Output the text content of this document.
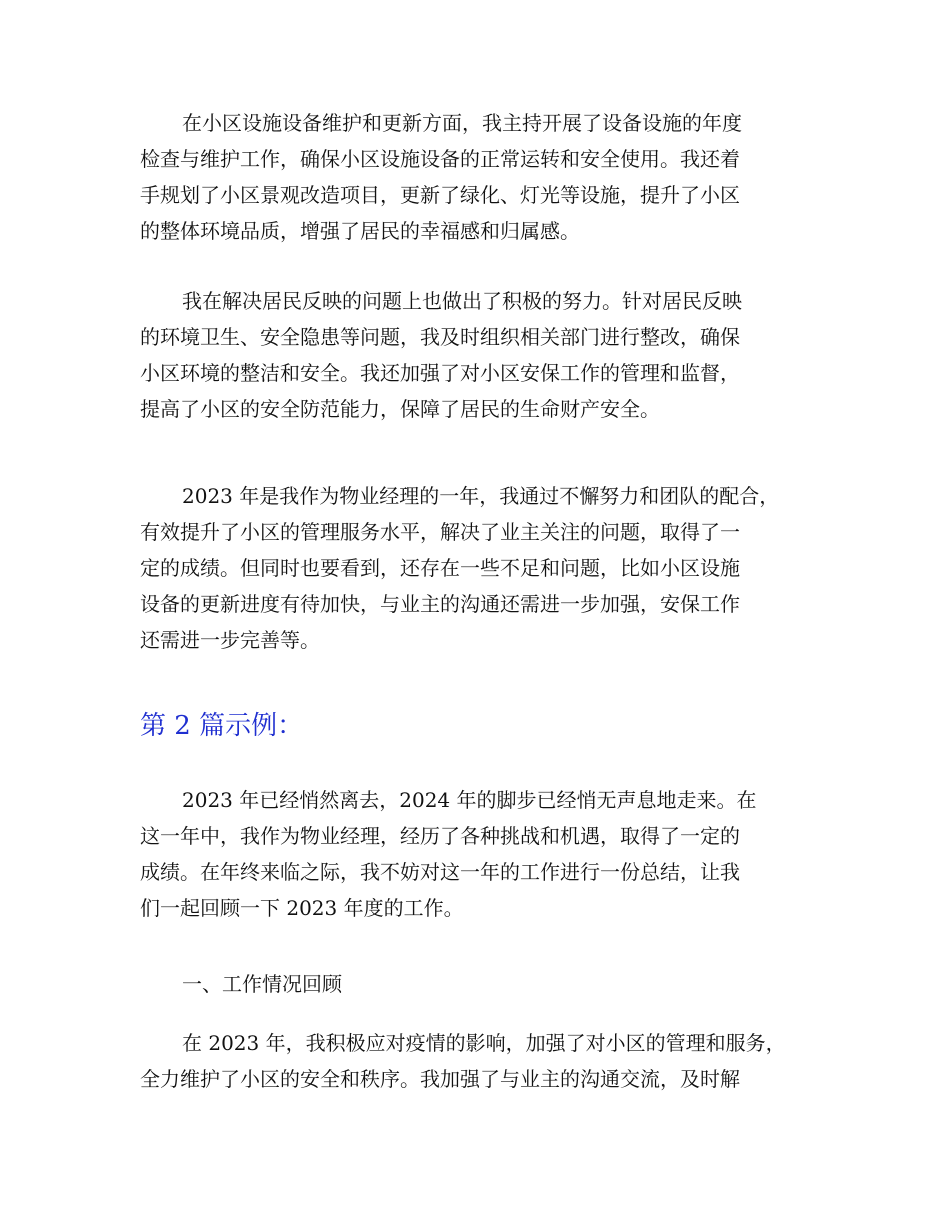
在小区设施设备维护和更新方面，我主持开展了设备设施的年度
检查与维护工作，确保小区设施设备的正常运转和安全使用。我还着
手规划了小区景观改造项目，更新了绿化、灯光等设施，提升了小区
的整体环境品质，增强了居民的幸福感和归属感。
我在解决居民反映的问题上也做出了积极的努力。针对居民反映
的环境卫生、安全隐患等问题，我及时组织相关部门进行整改，确保
小区环境的整洁和安全。我还加强了对小区安保工作的管理和监督，
提高了小区的安全防范能力，保障了居民的生命财产安全。
2023 年是我作为物业经理的一年，我通过不懈努力和团队的配合，
有效提升了小区的管理服务水平，解决了业主关注的问题，取得了一
定的成绩。但同时也要看到，还存在一些不足和问题，比如小区设施
设备的更新进度有待加快，与业主的沟通还需进一步加强，安保工作
还需进一步完善等。
第 2 篇示例：
2023 年已经悄然离去，2024 年的脚步已经悄无声息地走来。在
这一年中，我作为物业经理，经历了各种挑战和机遇，取得了一定的
成绩。在年终来临之际，我不妨对这一年的工作进行一份总结，让我
们一起回顾一下 2023 年度的工作。
一、工作情况回顾
在 2023 年，我积极应对疫情的影响，加强了对小区的管理和服务，
全力维护了小区的安全和秩序。我加强了与业主的沟通交流，及时解
